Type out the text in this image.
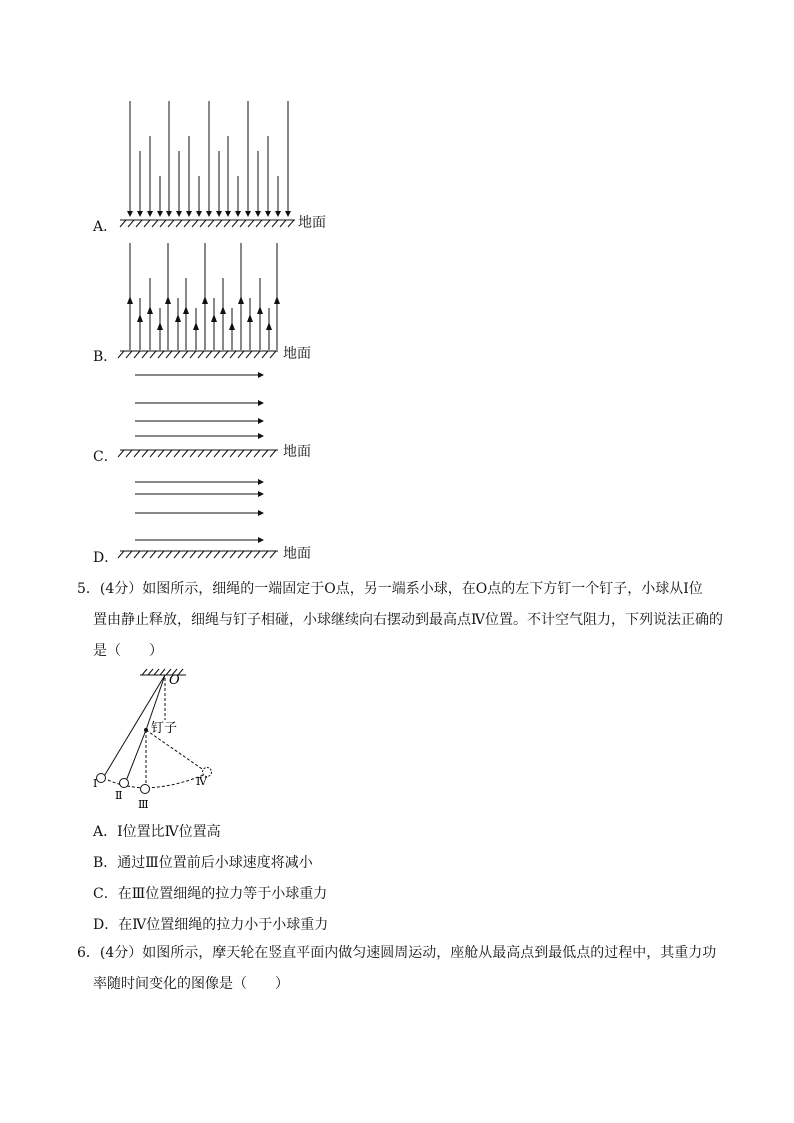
A．	地面
B．	地面
C．	地面
D．	地面
5．(4分）如图所示，细绳的一端固定于O点，另一端系小球，在O点的左下方钉一个钉子，小球从Ⅰ位
置由静止释放，细绳与钉子相碰，小球继续向右摆动到最高点Ⅳ位置。不计空气阻力，下列说法正确的
是（　　）
O
钉子
Ⅰ
Ⅱ
Ⅲ
Ⅳ
A．Ⅰ位置比Ⅳ位置高
B．通过Ⅲ位置前后小球速度将减小
C．在Ⅲ位置细绳的拉力等于小球重力
D．在Ⅳ位置细绳的拉力小于小球重力
6．(4分）如图所示，摩天轮在竖直平面内做匀速圆周运动，座舱从最高点到最低点的过程中，其重力功
率随时间变化的图像是（　　）
